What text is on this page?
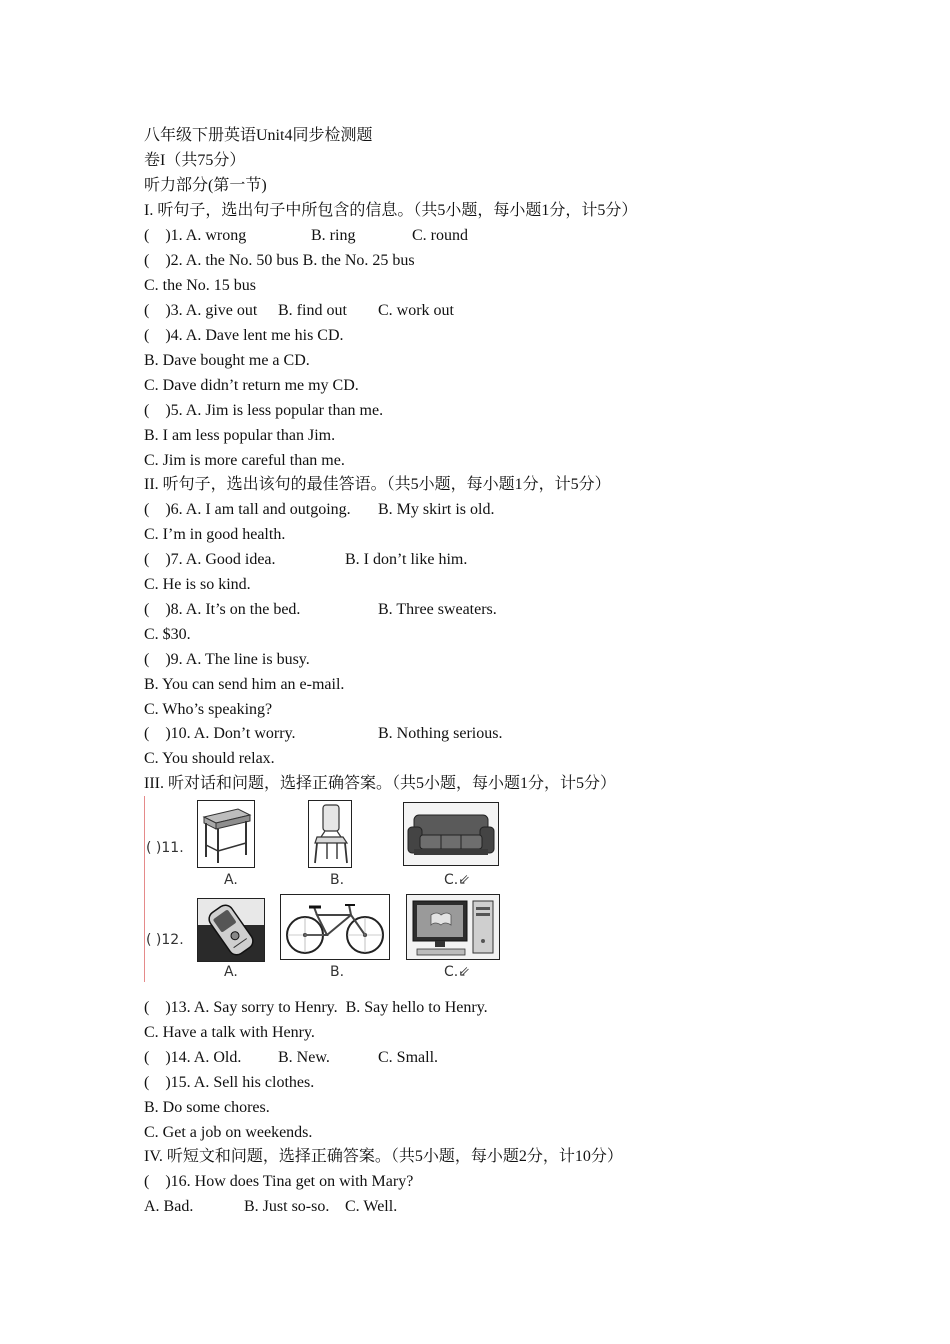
八年级下册英语Unit4同步检测题
卷I（共75分）
听力部分(第一节)
I. 听句子，选出句子中所包含的信息。（共5小题，每小题1分，计5分）

(    )1. A. wrong

	B. ring

	C. round

(    )2. A. the No. 50 bus B. the No. 25 bus
C. the No. 15 bus

(    )3. A. give out

B. find out

C. work out

(    )4. A. Dave lent me his CD.
B. Dave bought me a CD.
C. Dave didn’t return me my CD.
(    )5. A. Jim is less popular than me.
B. I am less popular than Jim.
C. Jim is more careful than me.
II. 听句子，选出该句的最佳答语。（共5小题，每小题1分，计5分）

(    )6. A. I am tall and outgoing.

B. My skirt is old.

C. I’m in good health.

(    )7. A. Good idea.

	B. I don’t like him.

C. He is so kind.

(    )8. A. It’s on the bed.

	B. Three sweaters.

C. $30.
(    )9. A. The line is busy.
B. You can send him an e-mail.
C. Who’s speaking?

(    )10. A. Don’t worry.

	B. Nothing serious.

C. You should relax.
III. 听对话和问题，选择正确答案。（共5小题，每小题1分，计5分）
( )11.
A.	B.	C.⇙
( )12.
A.	B.	C.⇙
(    )13. A. Say sorry to Henry.  B. Say hello to Henry.
C. Have a talk with Henry.

(    )14. A. Old.

B. New.

	C. Small.

(    )15. A. Sell his clothes.
B. Do some chores.
C. Get a job on weekends.
IV. 听短文和问题，选择正确答案。（共5小题，每小题2分，计10分）
(    )16. How does Tina get on with Mary?

A. Bad.

	B. Just so-so.

C. Well.
